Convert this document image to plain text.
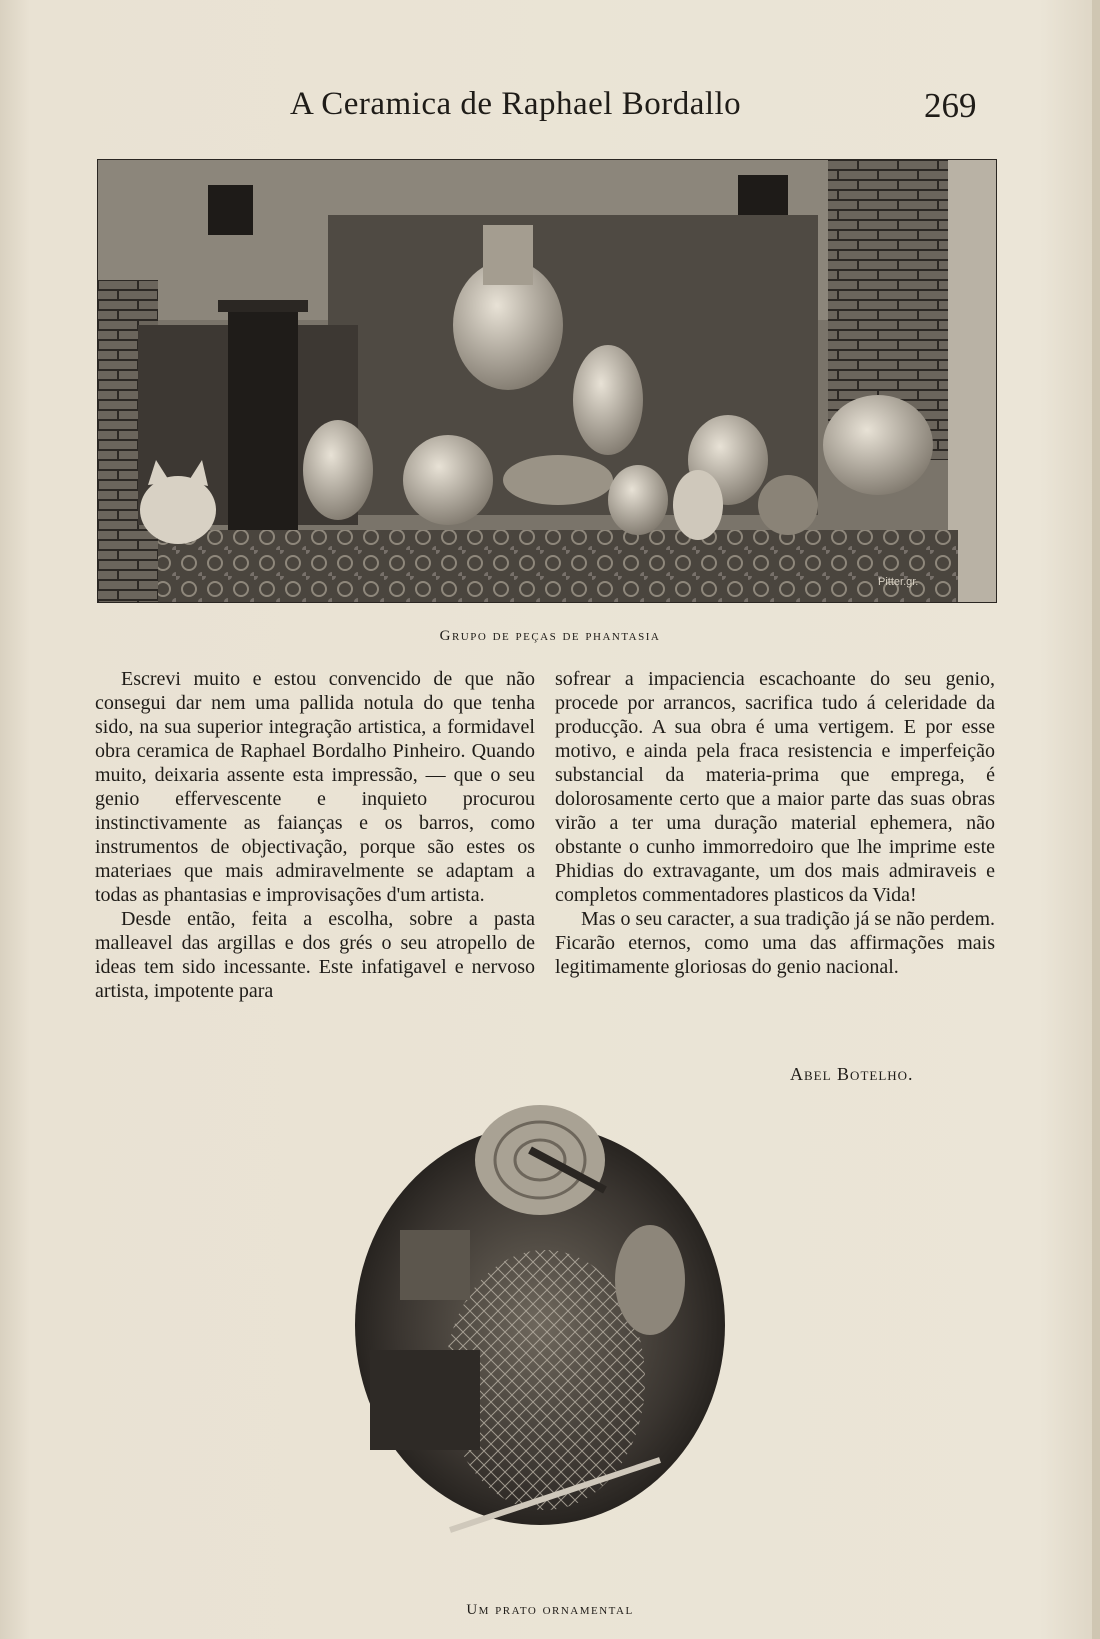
A Ceramica de Raphael Bordallo	269
Pitter.gr.
Grupo de peças de phantasia

Escrevi muito e estou convencido de que não consegui dar nem uma pallida notula do que tenha sido, na sua superior integração artistica, a formidavel obra ceramica de Raphael Bordalho Pinheiro. Quando muito, deixaria assente esta impressão, — que o seu genio effervescente e inquieto procurou instinctivamente as faianças e os barros, como instrumentos de objectivação, porque são estes os materiaes que mais admiravelmente se adaptam a todas as phantasias e improvisações d'um artista.

Desde então, feita a escolha, sobre a pasta malleavel das argillas e dos grés o seu atropello de ideas tem sido incessante. Este infatigavel e nervoso artista, impotente para

sofrear a impaciencia escachoante do seu genio, procede por arrancos, sacrifica tudo á celeridade da producção. A sua obra é uma vertigem. E por esse motivo, e ainda pela fraca resistencia e imperfeição substancial da materia-prima que emprega, é dolorosamente certo que a maior parte das suas obras virão a ter uma duração material ephemera, não obstante o cunho immorredoiro que lhe imprime este Phidias do extravagante, um dos mais admiraveis e completos commentadores plasticos da Vida!

Mas o seu caracter, a sua tradição já se não perdem. Ficarão eternos, como uma das affirmações mais legitimamente gloriosas do genio nacional.

Abel Botelho.
Um prato ornamental
